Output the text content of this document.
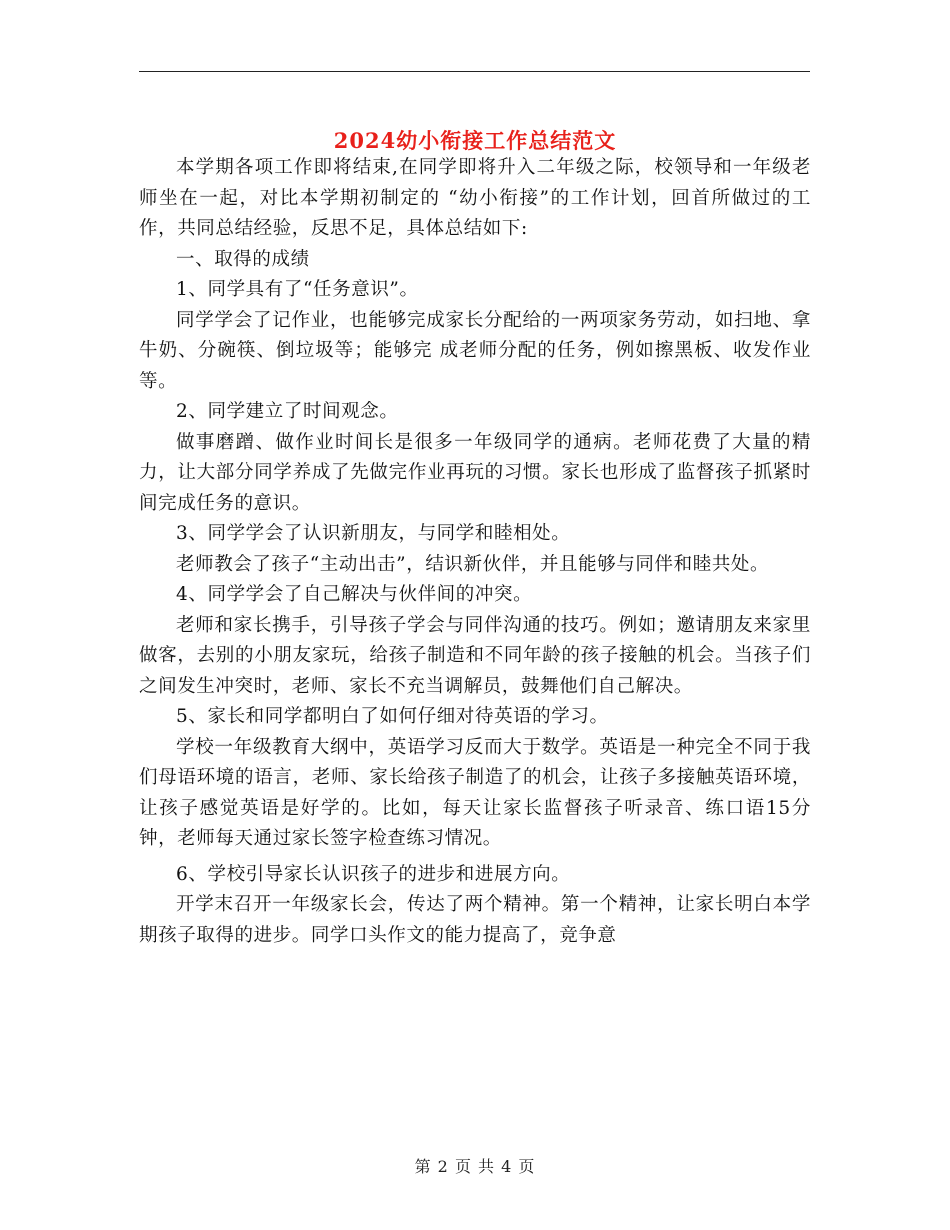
2024幼小衔接工作总结范文

本学期各项工作即将结束,在同学即将升入二年级之际，校领导和一年级老师坐在一起，对比本学期初制定的 “幼小衔接”的工作计划，回首所做过的工作，共同总结经验，反思不足，具体总结如下:

一、取得的成绩

1、同学具有了“任务意识”。

同学学会了记作业，也能够完成家长分配给的一两项家务劳动，如扫地、拿牛奶、分碗筷、倒垃圾等；能够完 成老师分配的任务，例如擦黑板、收发作业等。

2、同学建立了时间观念。

做事磨蹭、做作业时间长是很多一年级同学的通病。老师花费了大量的精力，让大部分同学养成了先做完作业再玩的习惯。家长也形成了监督孩子抓紧时间完成任务的意识。

3、同学学会了认识新朋友，与同学和睦相处。

老师教会了孩子“主动出击”，结识新伙伴，并且能够与同伴和睦共处。

4、同学学会了自己解决与伙伴间的冲突。

老师和家长携手，引导孩子学会与同伴沟通的技巧。例如；邀请朋友来家里做客，去别的小朋友家玩，给孩子制造和不同年龄的孩子接触的机会。当孩子们之间发生冲突时，老师、家长不充当调解员，鼓舞他们自己解决。

5、家长和同学都明白了如何仔细对待英语的学习。

学校一年级教育大纲中，英语学习反而大于数学。英语是一种完全不同于我们母语环境的语言，老师、家长给孩子制造了的机会，让孩子多接触英语环境，让孩子感觉英语是好学的。比如，每天让家长监督孩子听录音、练口语15分钟，老师每天通过家长签字检查练习情况。

6、学校引导家长认识孩子的进步和进展方向。

开学末召开一年级家长会，传达了两个精神。第一个精神，让家长明白本学期孩子取得的进步。同学口头作文的能力提高了，竞争意

第 2 页 共 4 页
